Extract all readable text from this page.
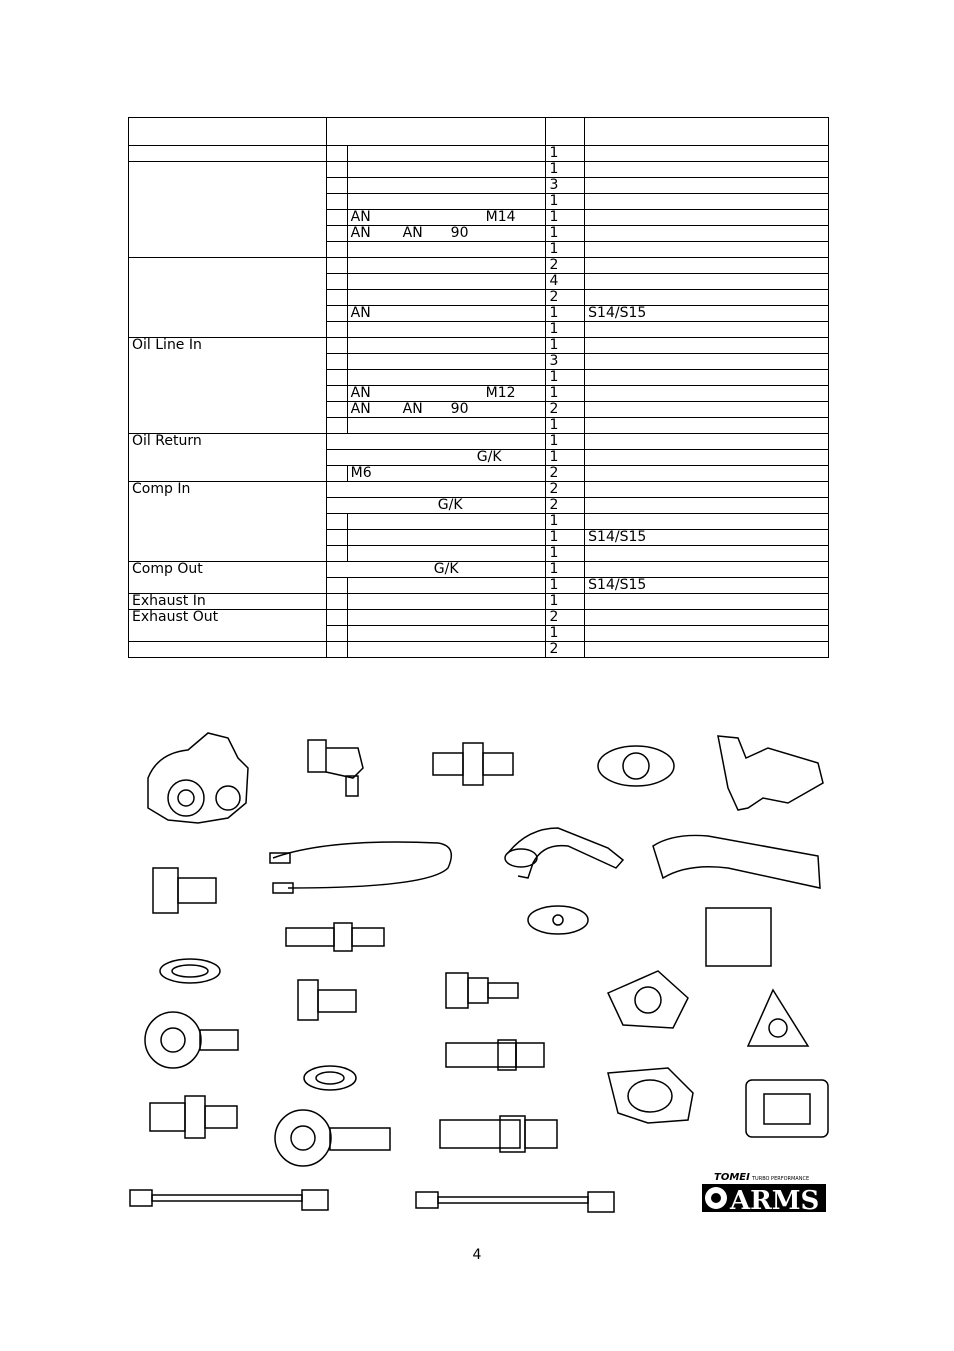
			1	
			1	
			3	
			1	

		AN M14	1	

		AN AN 90	1	
			1	
			2	
			4	
			2	

		AN	1	S14/S15
			1	
Oil Line In			1	
			3	
			1	

		AN M12	1	

		AN AN 90	2	
			1	
Oil Return			1	

	G/K		1	

		M6	2	
Comp In			2	

	G/K		2	
			1	
			1	S14/S15
			1	
Comp Out	G/K		1	
			1	S14/S15
Exhaust In			1	
Exhaust Out			2	
			1	
			2	
TOMEI TURBO PERFORMANCE
ARMS
4
